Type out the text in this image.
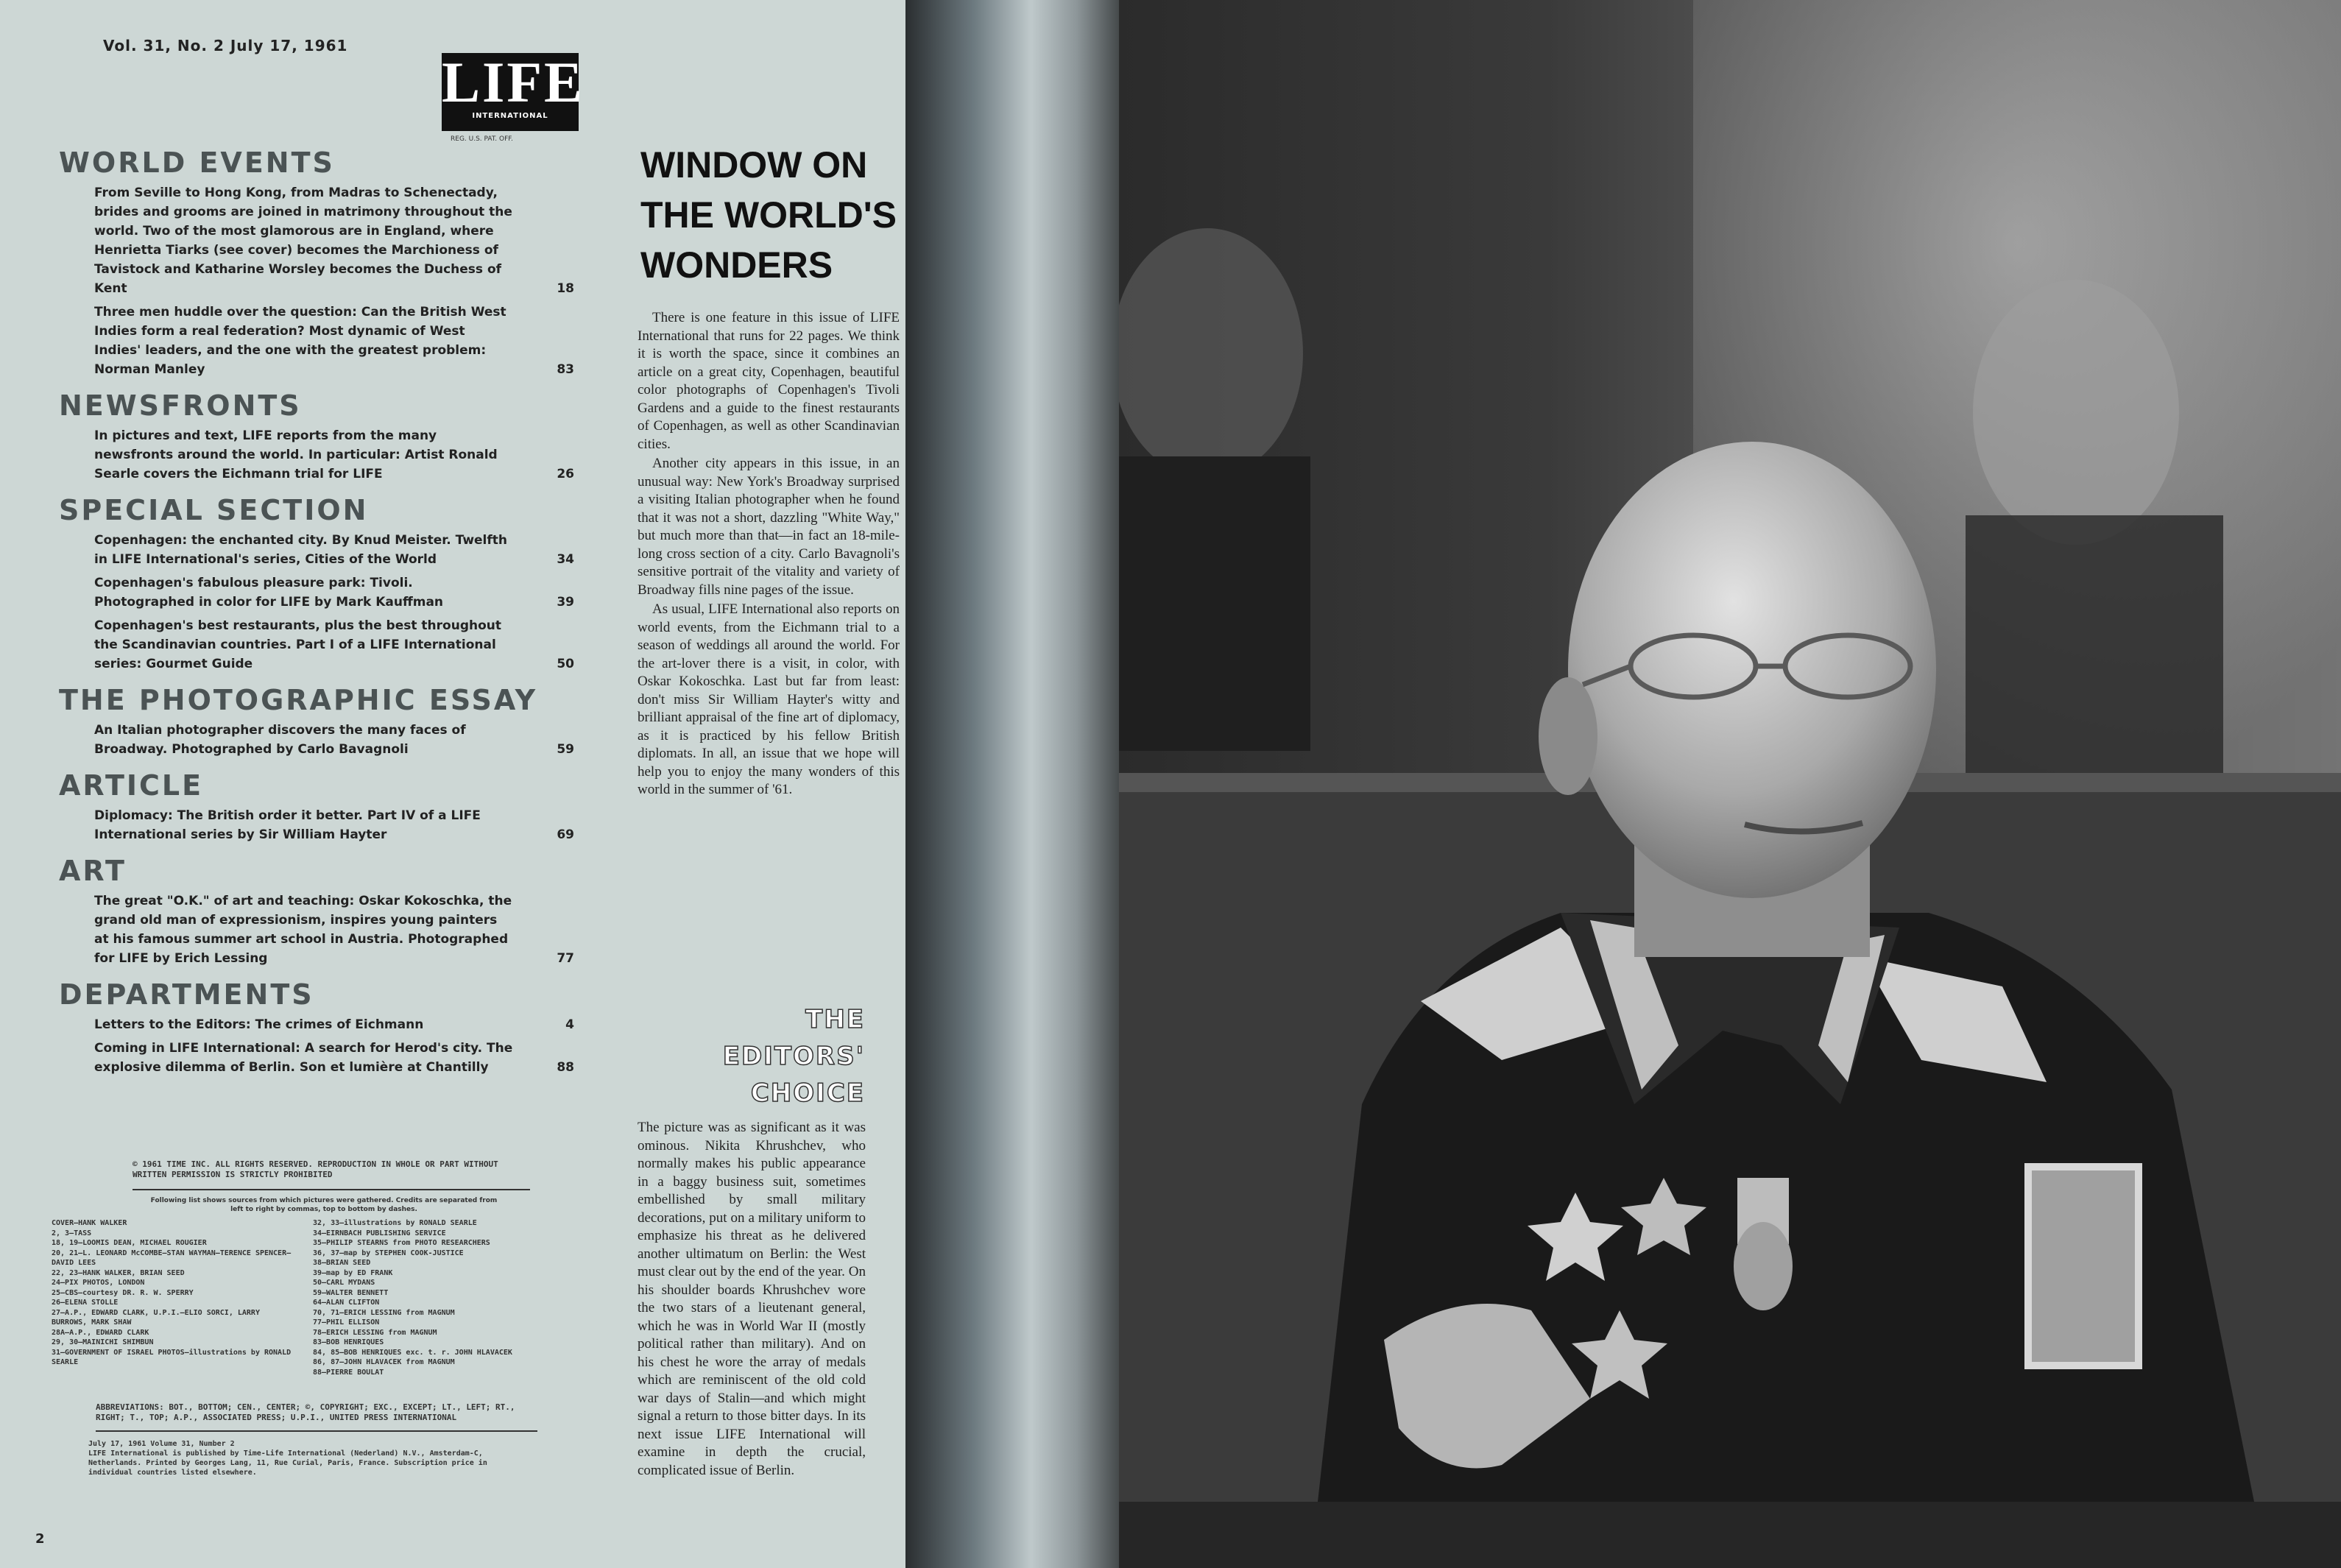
Vol. 31, No. 2 July 17, 1961
LIFE
INTERNATIONAL
REG. U.S. PAT. OFF.
WORLD EVENTS
From Seville to Hong Kong, from Madras to Schenectady, brides and grooms are joined in matrimony throughout the world. Two of the most glamorous are in England, where Henrietta Tiarks (see cover) becomes the Marchioness of Tavistock and Katharine Worsley becomes the Duchess of Kent	18
Three men huddle over the question: Can the British West Indies form a real federation? Most dynamic of West Indies' leaders, and the one with the greatest problem: Norman Manley	83
NEWSFRONTS
In pictures and text, LIFE reports from the many newsfronts around the world. In particular: Artist Ronald Searle covers the Eichmann trial for LIFE	26
SPECIAL SECTION
Copenhagen: the enchanted city. By Knud Meister. Twelfth in LIFE International's series, Cities of the World	34
Copenhagen's fabulous pleasure park: Tivoli. Photographed in color for LIFE by Mark Kauffman	39
Copenhagen's best restaurants, plus the best throughout the Scandinavian countries. Part I of a LIFE International series: Gourmet Guide	50
THE PHOTOGRAPHIC ESSAY
An Italian photographer discovers the many faces of Broadway. Photographed by Carlo Bavagnoli	59
ARTICLE
Diplomacy: The British order it better. Part IV of a LIFE International series by Sir William Hayter	69
ART
The great "O.K." of art and teaching: Oskar Kokoschka, the grand old man of expressionism, inspires young painters at his famous summer art school in Austria. Photographed for LIFE by Erich Lessing	77
DEPARTMENTS
Letters to the Editors: The crimes of Eichmann	4
Coming in LIFE International: A search for Herod's city. The explosive dilemma of Berlin. Son et lumière at Chantilly	88
WINDOW ON THE WORLD'S WONDERS

There is one feature in this issue of LIFE International that runs for 22 pages. We think it is worth the space, since it combines an article on a great city, Copenhagen, beautiful color photographs of Copenhagen's Tivoli Gardens and a guide to the finest restaurants of Copenhagen, as well as other Scandinavian cities.

Another city appears in this issue, in an unusual way: New York's Broadway surprised a visiting Italian photographer when he found that it was not a short, dazzling "White Way," but much more than that—in fact an 18-mile-long cross section of a city. Carlo Bavagnoli's sensitive portrait of the vitality and variety of Broadway fills nine pages of the issue.

As usual, LIFE International also reports on world events, from the Eichmann trial to a season of weddings all around the world. For the art-lover there is a visit, in color, with Oskar Kokoschka. Last but far from least: don't miss Sir William Hayter's witty and brilliant appraisal of the fine art of diplomacy, as it is practiced by his fellow British diplomats. In all, an issue that we hope will help you to enjoy the many wonders of this world in the summer of '61.

THE EDITORS' CHOICE

The picture was as significant as it was ominous. Nikita Khrushchev, who normally makes his public appearance in a baggy business suit, sometimes embellished by small military decorations, put on a military uniform to emphasize his threat as he delivered another ultimatum on Berlin: the West must clear out by the end of the year. On his shoulder boards Khrushchev wore the two stars of a lieutenant general, which he was in World War II (mostly political rather than military). And on his chest he wore the array of medals which are reminiscent of the old cold war days of Stalin—and which might signal a return to those bitter days. In its next issue LIFE International will examine in depth the crucial, complicated issue of Berlin.

© 1961 TIME INC. ALL RIGHTS RESERVED. REPRODUCTION IN WHOLE OR PART WITHOUT WRITTEN PERMISSION IS STRICTLY PROHIBITED
Following list shows sources from which pictures were gathered. Credits are separated from left to right by commas, top to bottom by dashes.
COVER—HANK WALKER
2, 3—TASS
18, 19—LOOMIS DEAN, MICHAEL ROUGIER
20, 21—L. LEONARD McCOMBE—STAN WAYMAN—TERENCE SPENCER—DAVID LEES
22, 23—HANK WALKER, BRIAN SEED
24—PIX PHOTOS, LONDON
25—CBS—courtesy DR. R. W. SPERRY
26—ELENA STOLLE
27—A.P., EDWARD CLARK, U.P.I.—ELIO SORCI, LARRY BURROWS, MARK SHAW
28A—A.P., EDWARD CLARK
29, 30—MAINICHI SHIMBUN
31—GOVERNMENT OF ISRAEL PHOTOS—illustrations by RONALD SEARLE
32, 33—illustrations by RONALD SEARLE
34—EIRNBACH PUBLISHING SERVICE
35—PHILIP STEARNS from PHOTO RESEARCHERS
36, 37—map by STEPHEN COOK-JUSTICE
38—BRIAN SEED
39—map by ED FRANK
50—CARL MYDANS
59—WALTER BENNETT
64—ALAN CLIFTON
70, 71—ERICH LESSING from MAGNUM
77—PHIL ELLISON
78—ERICH LESSING from MAGNUM
83—BOB HENRIQUES
84, 85—BOB HENRIQUES exc. t. r. JOHN HLAVACEK
86, 87—JOHN HLAVACEK from MAGNUM
88—PIERRE BOULAT
ABBREVIATIONS: BOT., BOTTOM; CEN., CENTER; ©, COPYRIGHT; EXC., EXCEPT; LT., LEFT; RT., RIGHT; T., TOP; A.P., ASSOCIATED PRESS; U.P.I., UNITED PRESS INTERNATIONAL
July 17, 1961 Volume 31, Number 2
LIFE International is published by Time-Life International (Nederland) N.V., Amsterdam-C, Netherlands. Printed by Georges Lang, 11, Rue Curial, Paris, France. Subscription price in individual countries listed elsewhere.
2
